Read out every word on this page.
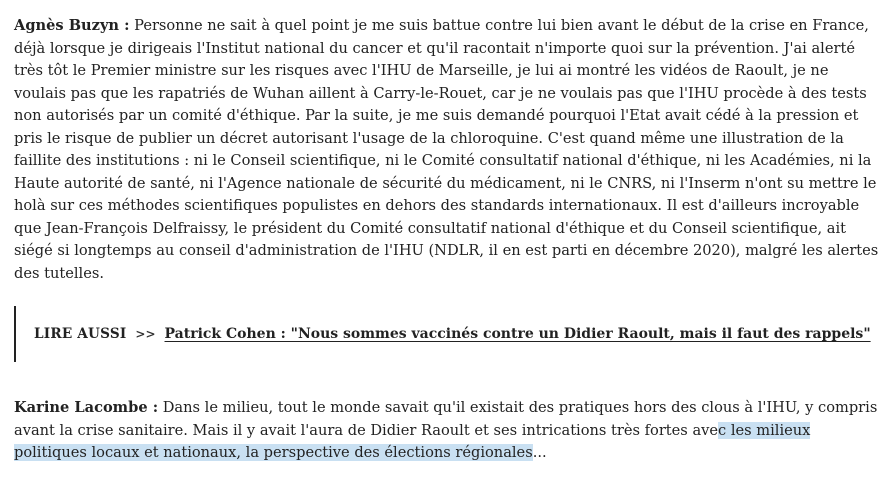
Agnès Buzyn : Personne ne sait à quel point je me suis battue contre lui bien avant le début de la crise en France, déjà lorsque je dirigeais l'Institut national du cancer et qu'il racontait n'importe quoi sur la prévention. J'ai alerté très tôt le Premier ministre sur les risques avec l'IHU de Marseille, je lui ai montré les vidéos de Raoult, je ne voulais pas que les rapatriés de Wuhan aillent à Carry-le-Rouet, car je ne voulais pas que l'IHU procède à des tests non autorisés par un comité d'éthique. Par la suite, je me suis demandé pourquoi l'Etat avait cédé à la pression et pris le risque de publier un décret autorisant l'usage de la chloroquine. C'est quand même une illustration de la faillite des institutions : ni le Conseil scientifique, ni le Comité consultatif national d'éthique, ni les Académies, ni la Haute autorité de santé, ni l'Agence nationale de sécurité du médicament, ni le CNRS, ni l'Inserm n'ont su mettre le holà sur ces méthodes scientifiques populistes en dehors des standards internationaux. Il est d'ailleurs incroyable que Jean-François Delfraissy, le président du Comité consultatif national d'éthique et du Conseil scientifique, ait siégé si longtemps au conseil d'administration de l'IHU (NDLR, il en est parti en décembre 2020), malgré les alertes des tutelles.

LIRE AUSSI >> Patrick Cohen : "Nous sommes vaccinés contre un Didier Raoult, mais il faut des rappels"

Karine Lacombe : Dans le milieu, tout le monde savait qu'il existait des pratiques hors des clous à l'IHU, y compris avant la crise sanitaire. Mais il y avait l'aura de Didier Raoult et ses intrications très fortes avec les milieux politiques locaux et nationaux, la perspective des élections régionales...
